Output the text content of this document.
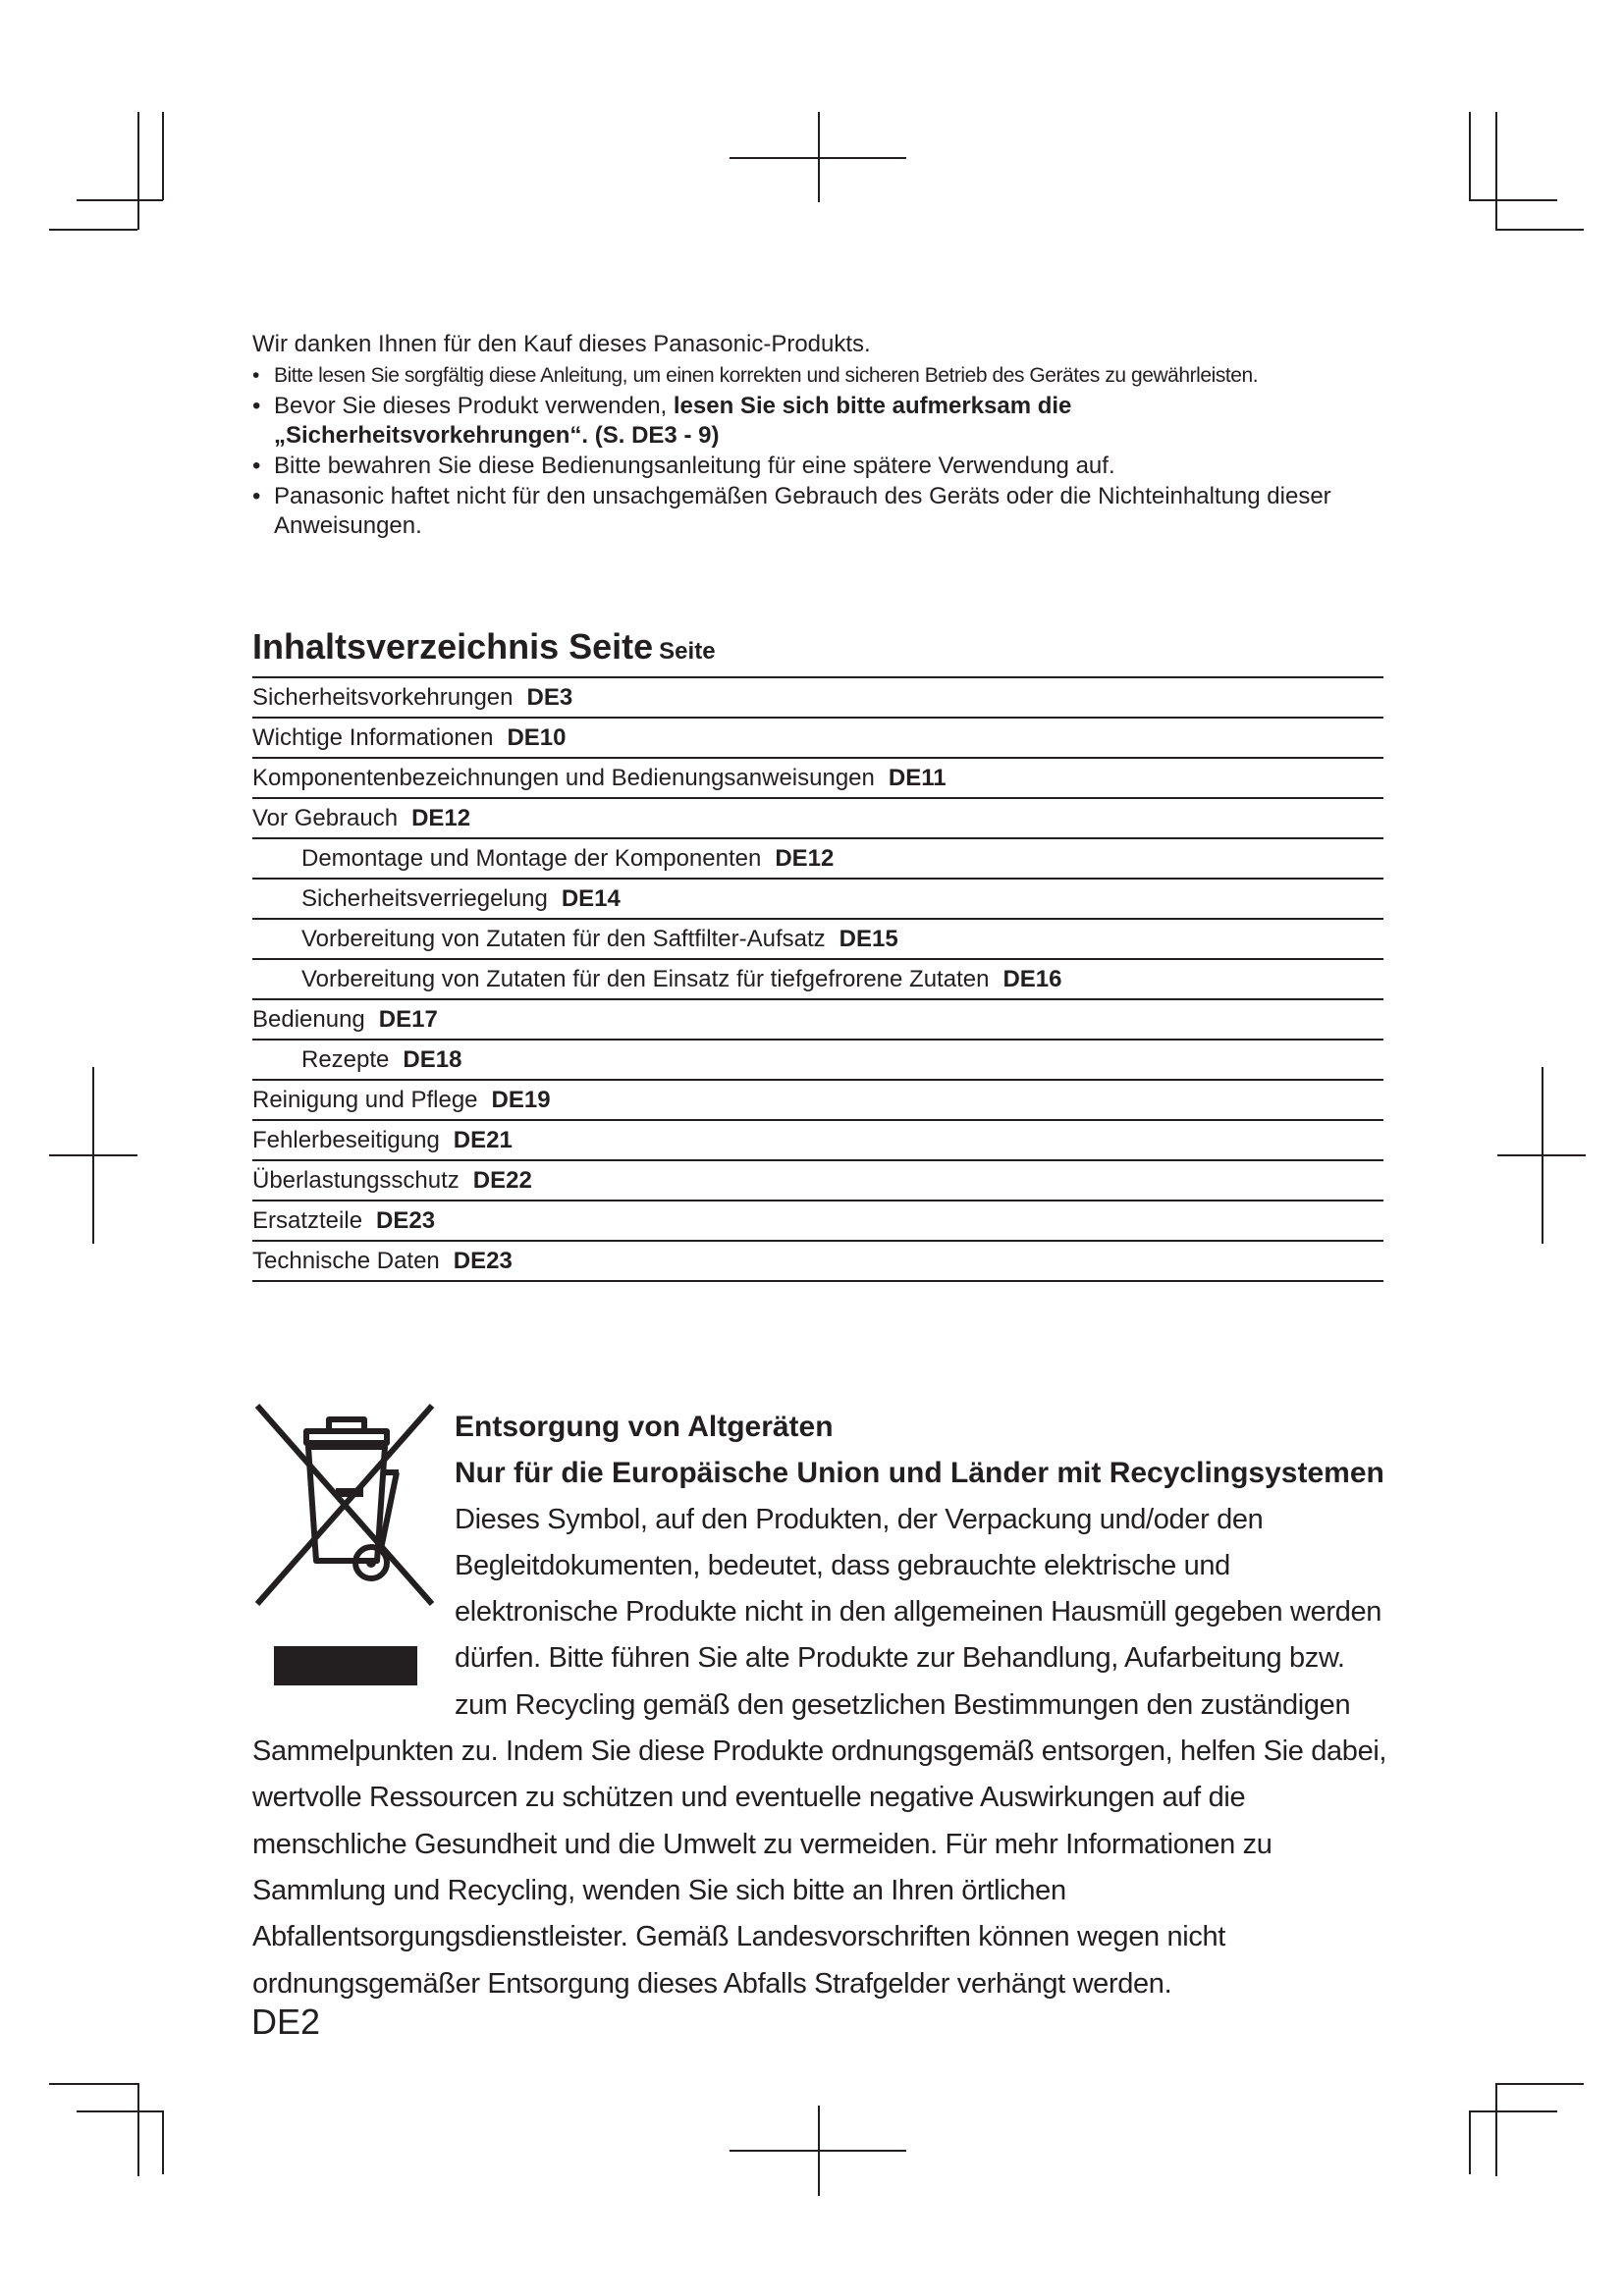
Wir danken Ihnen für den Kauf dieses Panasonic-Produkts.

• Bitte lesen Sie sorgfältig diese Anleitung, um einen korrekten und sicheren Betrieb des Gerätes zu gewährleisten.
• Bevor Sie dieses Produkt verwenden, lesen Sie sich bitte aufmerksam die „Sicherheitsvorkehrungen“. (S. DE3 - 9)
• Bitte bewahren Sie diese Bedienungsanleitung für eine spätere Verwendung auf.
• Panasonic haftet nicht für den unsachgemäßen Gebrauch des Geräts oder die Nichteinhaltung dieser Anweisungen.
Inhaltsverzeichnis Seite Seite
Sicherheitsvorkehrungen DE3
Wichtige Informationen DE10
Komponentenbezeichnungen und Bedienungsanweisungen DE11
Vor Gebrauch DE12
Demontage und Montage der Komponenten DE12
Sicherheitsverriegelung DE14
Vorbereitung von Zutaten für den Saftfilter-Aufsatz DE15
Vorbereitung von Zutaten für den Einsatz für tiefgefrorene Zutaten DE16
Bedienung DE17
Rezepte DE18
Reinigung und Pflege DE19
Fehlerbeseitigung DE21
Überlastungsschutz DE22
Ersatzteile DE23
Technische Daten DE23
Entsorgung von Altgeräten
Nur für die Europäische Union und Länder mit Recyclingsystemen

Dieses Symbol, auf den Produkten, der Verpackung und/oder den Begleitdokumenten, bedeutet, dass gebrauchte elektrische und elektronische Produkte nicht in den allgemeinen Hausmüll gegeben werden dürfen. Bitte führen Sie alte Produkte zur Behandlung, Aufarbeitung bzw. zum Recycling gemäß den gesetzlichen Bestimmungen den zuständigen Sammelpunkten zu. Indem Sie diese Produkte ordnungsgemäß entsorgen, helfen Sie dabei, wertvolle Ressourcen zu schützen und eventuelle negative Auswirkungen auf die menschliche Gesundheit und die Umwelt zu vermeiden. Für mehr Informationen zu Sammlung und Recycling, wenden Sie sich bitte an Ihren örtlichen Abfallentsorgungsdienstleister. Gemäß Landesvorschriften können wegen nicht ordnungsgemäßer Entsorgung dieses Abfalls Strafgelder verhängt werden.

DE2
